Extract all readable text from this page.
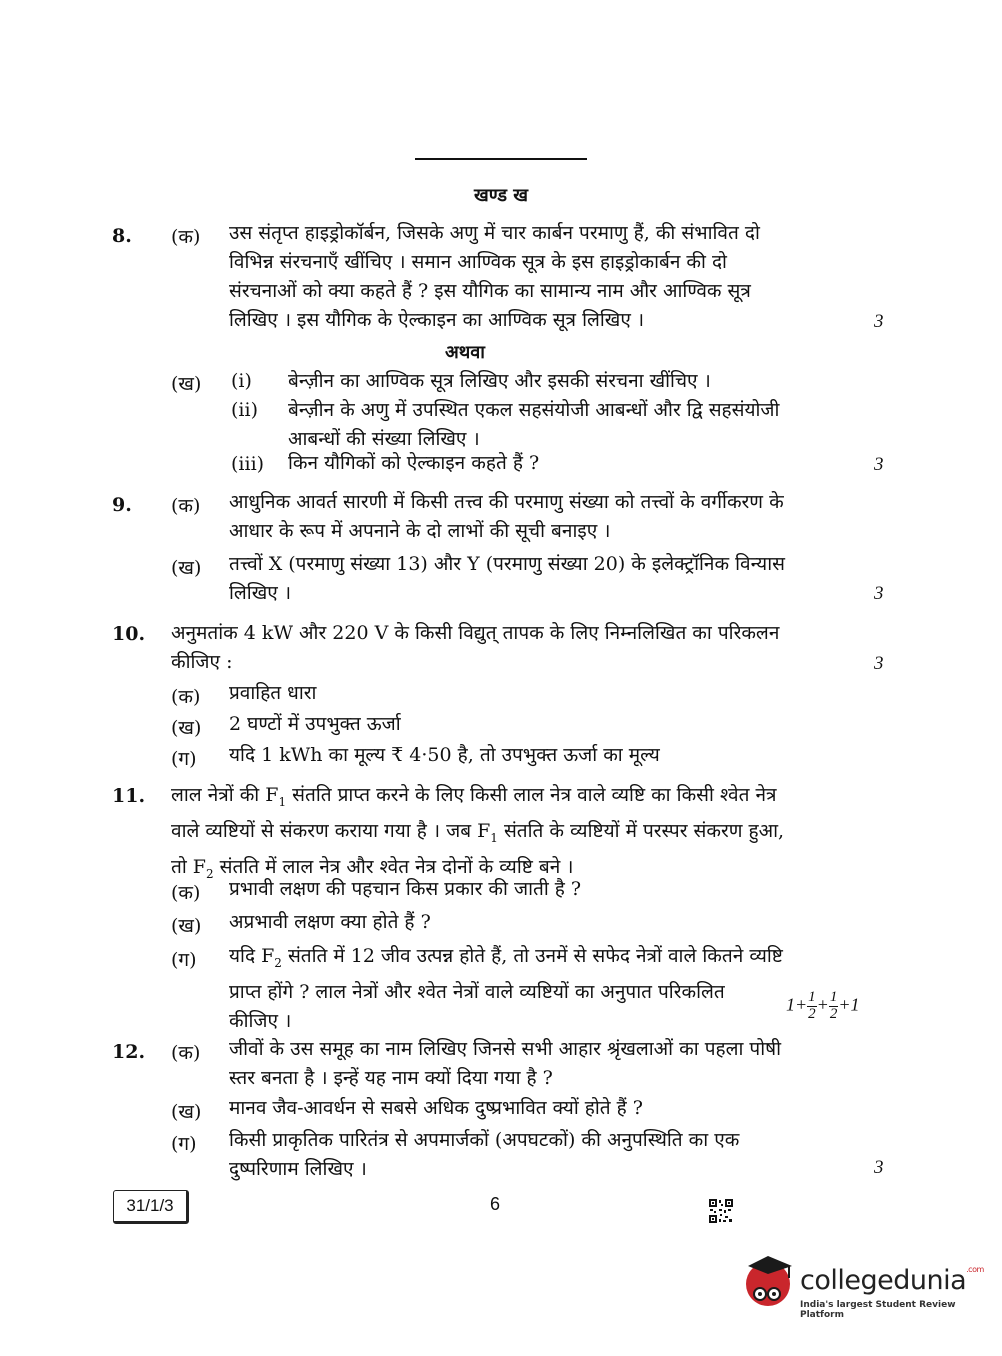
खण्ड ख
8. (क) उस संतृप्त हाइड्रोकॉर्बन, जिसके अणु में चार कार्बन परमाणु हैं, की संभावित दो
विभिन्न संरचनाएँ खींचिए । समान आण्विक सूत्र के इस हाइड्रोकार्बन की दो
संरचनाओं को क्या कहते हैं ? इस यौगिक का सामान्य नाम और आण्विक सूत्र
लिखिए । इस यौगिक के ऐल्काइन का आण्विक सूत्र लिखिए ।	3
अथवा
(ख) (i) बेन्ज़ीन का आण्विक सूत्र लिखिए और इसकी संरचना खींचिए ।
(ii) बेन्ज़ीन के अणु में उपस्थित एकल सहसंयोजी आबन्धों और द्वि सहसंयोजी
आबन्धों की संख्या लिखिए ।
(iii) किन यौगिकों को ऐल्काइन कहते हैं ?	3
9. (क) आधुनिक आवर्त सारणी में किसी तत्त्व की परमाणु संख्या को तत्त्वों के वर्गीकरण के
आधार के रूप में अपनाने के दो लाभों की सूची बनाइए ।
(ख) तत्त्वों X (परमाणु संख्या 13) और Y (परमाणु संख्या 20) के इलेक्ट्रॉनिक विन्यास
लिखिए ।	3
10. अनुमतांक 4 kW और 220 V के किसी विद्युत् तापक के लिए निम्नलिखित का परिकलन
कीजिए :	3
(क) प्रवाहित धारा
(ख) 2 घण्टों में उपभुक्त ऊर्जा
(ग) यदि 1 kWh का मूल्य ₹ 4·50 है, तो उपभुक्त ऊर्जा का मूल्य
11. लाल नेत्रों की $F_1$ संतति प्राप्त करने के लिए किसी लाल नेत्र वाले व्यष्टि का किसी श्वेत नेत्र
वाले व्यष्टियों से संकरण कराया गया है । जब $F_1$ संतति के व्यष्टियों में परस्पर संकरण हुआ,
तो $F_2$ संतति में लाल नेत्र और श्वेत नेत्र दोनों के व्यष्टि बने ।
(क) प्रभावी लक्षण की पहचान किस प्रकार की जाती है ?
(ख) अप्रभावी लक्षण क्या होते हैं ?
(ग) यदि $F_2$ संतति में 12 जीव उत्पन्न होते हैं, तो उनमें से सफेद नेत्रों वाले कितने व्यष्टि
प्राप्त होंगे ? लाल नेत्रों और श्वेत नेत्रों वाले व्यष्टियों का अनुपात परिकलित
कीजिए ।
$1+ \frac{1}{2} + \frac{1}{2} +1$
12. (क) जीवों के उस समूह का नाम लिखिए जिनसे सभी आहार श्रृंखलाओं का पहला पोषी
स्तर बनता है । इन्हें यह नाम क्यों दिया गया है ?
(ख) मानव जैव-आवर्धन से सबसे अधिक दुष्प्रभावित क्यों होते हैं ?
(ग) किसी प्राकृतिक पारितंत्र से अपमार्जकों (अपघटकों) की अनुपस्थिति का एक
दुष्परिणाम लिखिए ।	3
31/1/3	6
collegedunia$^{.com}$
India's largest Student Review Platform
